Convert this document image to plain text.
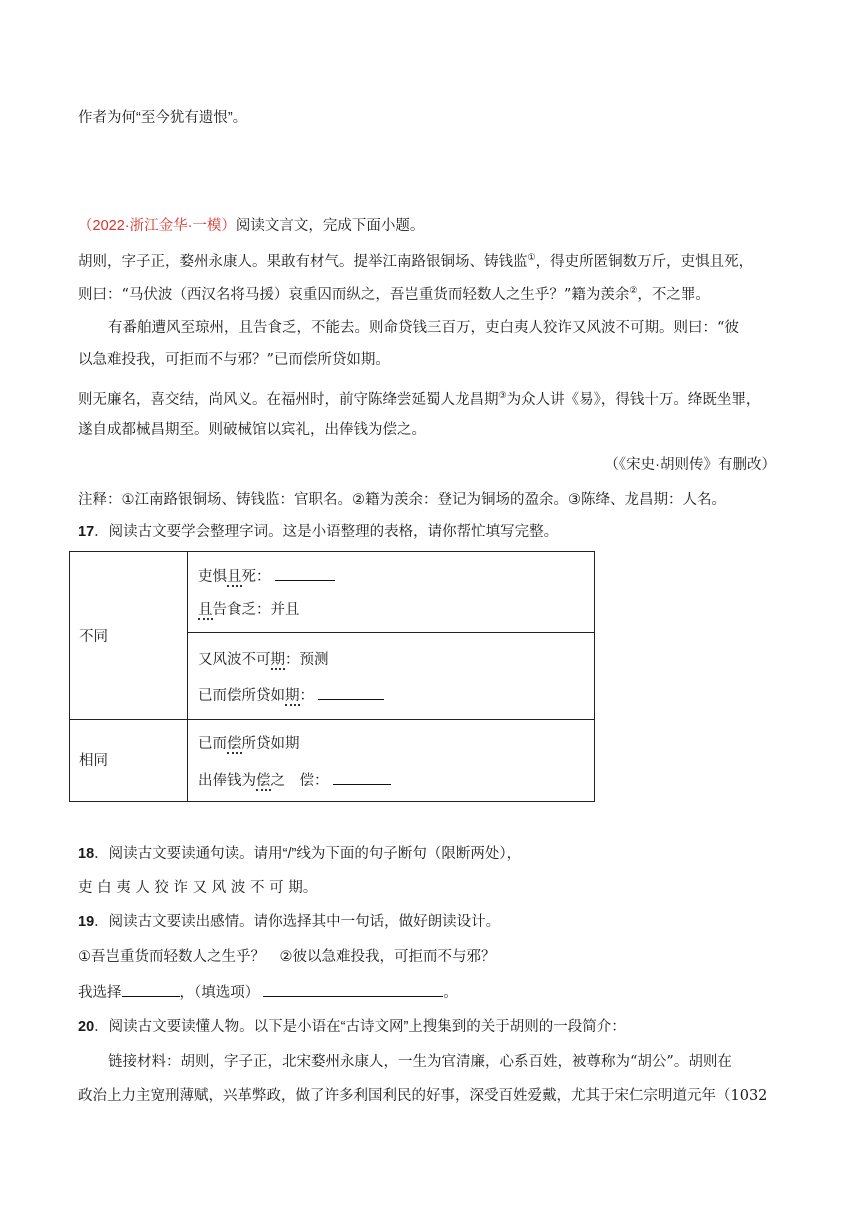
作者为何“至今犹有遗恨”。
（2022·浙江金华·一模）阅读文言文，完成下面小题。
胡则，字子正，婺州永康人。果敢有材气。提举江南路银铜场、铸钱监①，得吏所匿铜数万斤，吏惧且死，
则曰：“马伏波（西汉名将马援）哀重囚而纵之，吾岂重货而轻数人之生乎？”籍为羡余②，不之罪。
有番舶遭风至琼州，且告食乏，不能去。则命贷钱三百万，吏白夷人狡诈又风波不可期。则曰：“彼
以急难投我，可拒而不与邪？”已而偿所贷如期。
则无廉名，喜交结，尚风义。在福州时，前守陈绛尝延蜀人龙昌期③为众人讲《易》，得钱十万。绛既坐罪，
遂自成都械昌期至。则破械馆以宾礼，出俸钱为偿之。
（《宋史·胡则传》有删改）
注释：①江南路银铜场、铸钱监：官职名。②籍为羡余：登记为铜场的盈余。③陈绛、龙昌期：人名。
17．阅读古文要学会整理字词。这是小语整理的表格，请你帮忙填写完整。
不同
相同
吏惧且死：
且告食乏：并且
又风波不可期：预测
已而偿所贷如期：
已而偿所贷如期
出俸钱为偿之　偿：
18．阅读古文要读通句读。请用“/”线为下面的句子断句（限断两处），
吏 白 夷 人 狡 诈 又 风 波 不 可 期。
19．阅读古文要读出感情。请你选择其中一句话，做好朗读设计。
①吾岂重货而轻数人之生乎？　②彼以急难投我，可拒而不与邪？
我选择	，（填选项）	。
20．阅读古文要读懂人物。以下是小语在“古诗文网”上搜集到的关于胡则的一段简介：
链接材料：胡则，字子正，北宋婺州永康人，一生为官清廉，心系百姓，被尊称为“胡公”。胡则在
政治上力主宽刑薄赋，兴革弊政，做了许多利国利民的好事，深受百姓爱戴，尤其于宋仁宗明道元年（1032
